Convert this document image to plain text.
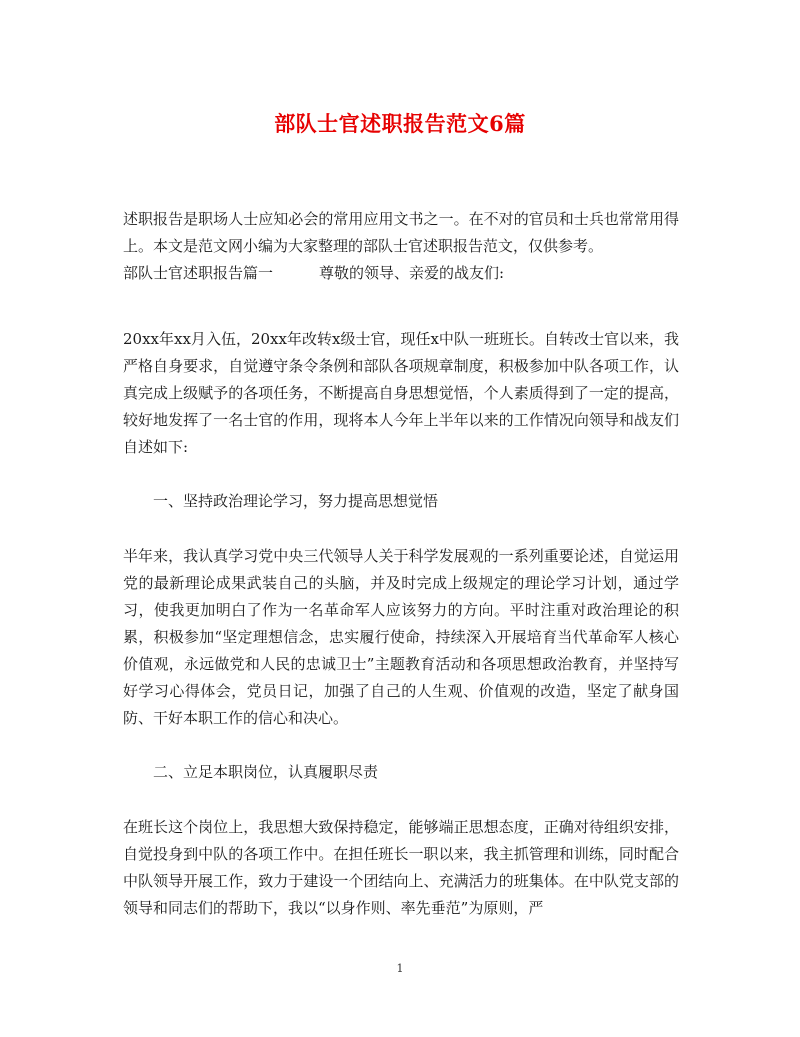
部队士官述职报告范文6篇

述职报告是职场人士应知必会的常用应用文书之一。在不对的官员和士兵也常常用得上。本文是范文网小编为大家整理的部队士官述职报告范文，仅供参考。

部队士官述职报告篇一	尊敬的领导、亲爱的战友们:

20xx年xx月入伍，20xx年改转x级士官，现任x中队一班班长。自转改士官以来，我严格自身要求，自觉遵守条令条例和部队各项规章制度，积极参加中队各项工作，认真完成上级赋予的各项任务，不断提高自身思想觉悟，个人素质得到了一定的提高，较好地发挥了一名士官的作用，现将本人今年上半年以来的工作情况向领导和战友们自述如下:
一、坚持政治理论学习，努力提高思想觉悟
半年来，我认真学习党中央三代领导人关于科学发展观的一系列重要论述，自觉运用党的最新理论成果武装自己的头脑，并及时完成上级规定的理论学习计划，通过学习，使我更加明白了作为一名革命军人应该努力的方向。平时注重对政治理论的积累，积极参加“坚定理想信念，忠实履行使命，持续深入开展培育当代革命军人核心价值观，永远做党和人民的忠诚卫士”主题教育活动和各项思想政治教育，并坚持写好学习心得体会，党员日记，加强了自己的人生观、价值观的改造，坚定了献身国防、干好本职工作的信心和决心。
二、立足本职岗位，认真履职尽责
在班长这个岗位上，我思想大致保持稳定，能够端正思想态度，正确对待组织安排，自觉投身到中队的各项工作中。在担任班长一职以来，我主抓管理和训练，同时配合中队领导开展工作，致力于建设一个团结向上、充满活力的班集体。在中队党支部的领导和同志们的帮助下，我以“以身作则、率先垂范”为原则，严
1
